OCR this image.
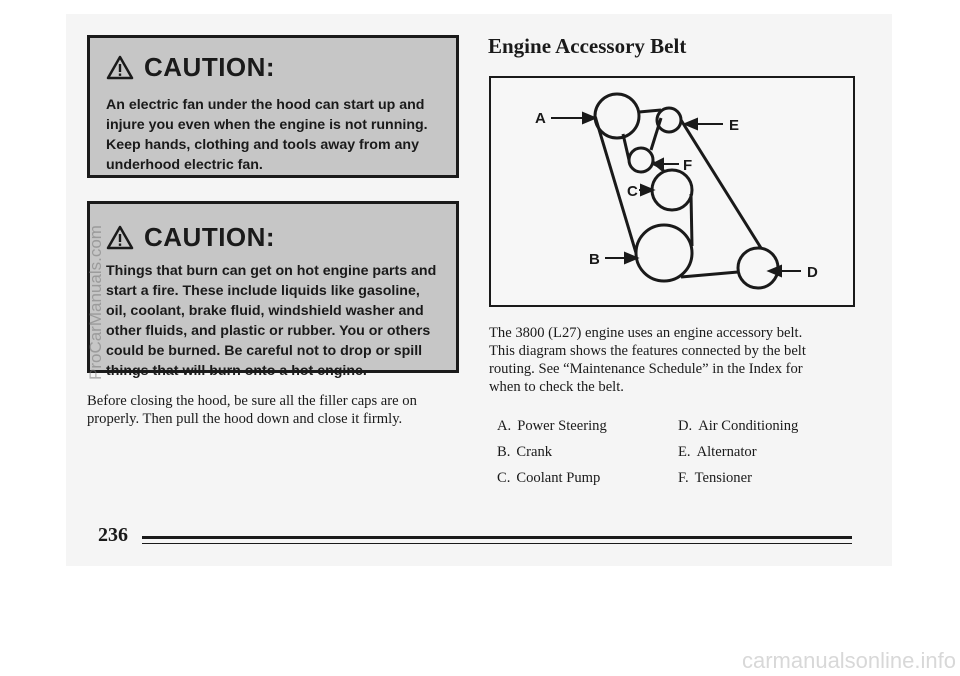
CAUTION:
An electric fan under the hood can start up and
injure you even when the engine is not running.
Keep hands, clothing and tools away from any
underhood electric fan.
CAUTION:
Things that burn can get on hot engine parts and
start a fire. These include liquids like gasoline,
oil, coolant, brake fluid, windshield washer and
other fluids, and plastic or rubber. You or others
could be burned. Be careful not to drop or spill
things that will burn onto a hot engine.
Before closing the hood, be sure all the filler caps are on
properly. Then pull the hood down and close it firmly.
Engine Accessory Belt
A	E
F
C
B
D
The 3800 (L27) engine uses an engine accessory belt.
This diagram shows the features connected by the belt
routing. See “Maintenance Schedule” in the Index for
when to check the belt.
A. Power Steering
B. Crank
C. Coolant Pump
D. Air Conditioning
E. Alternator
F. Tensioner
236
ProCarManuals.com
carmanualsonline.info
